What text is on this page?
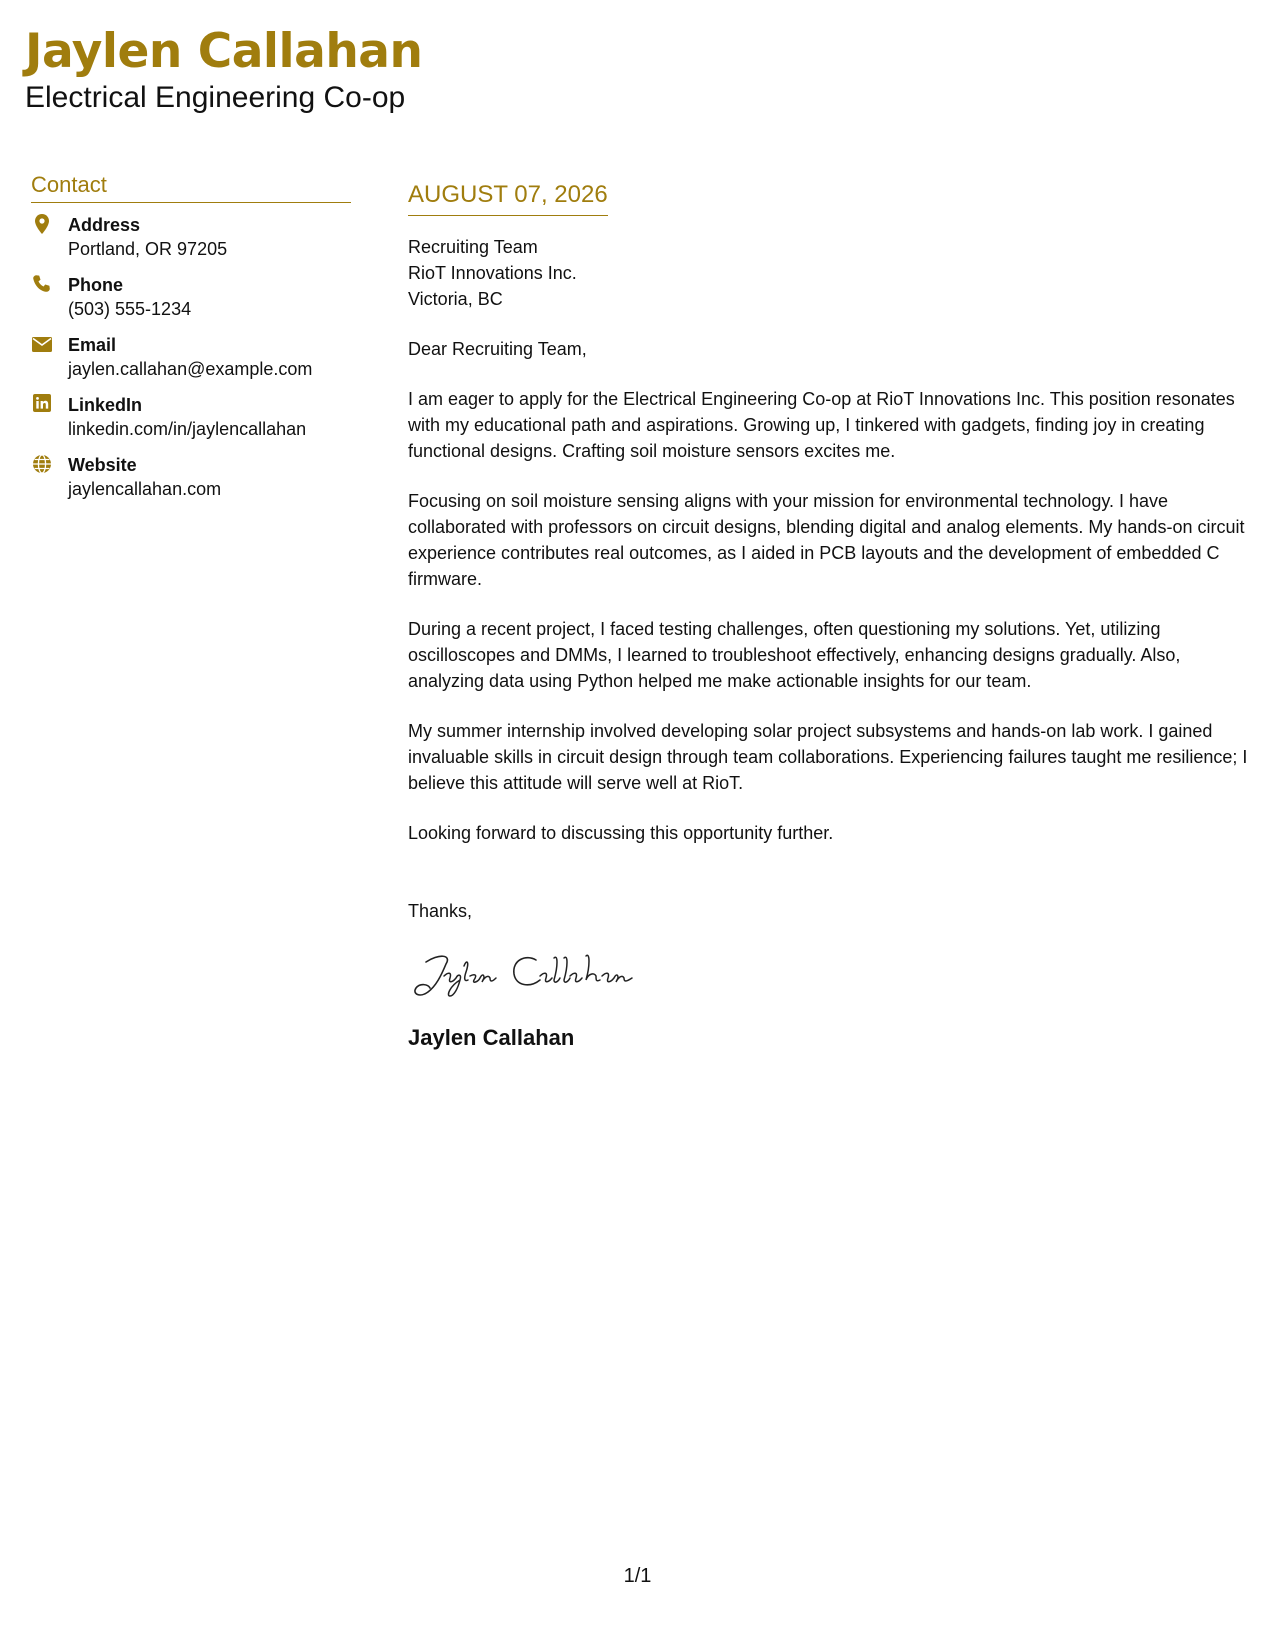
Jaylen Callahan
Electrical Engineering Co-op
Contact
Address
Portland, OR 97205
Phone
(503) 555-1234
Email
jaylen.callahan@example.com
LinkedIn
linkedin.com/in/jaylencallahan
Website
jaylencallahan.com
AUGUST 07, 2026
Recruiting Team
RioT Innovations Inc.
Victoria, BC
Dear Recruiting Team,
I am eager to apply for the Electrical Engineering Co-op at RioT Innovations Inc. This position resonates with my educational path and aspirations. Growing up, I tinkered with gadgets, finding joy in creating functional designs. Crafting soil moisture sensors excites me.
Focusing on soil moisture sensing aligns with your mission for environmental technology. I have collaborated with professors on circuit designs, blending digital and analog elements. My hands-on circuit experience contributes real outcomes, as I aided in PCB layouts and the development of embedded C firmware.
During a recent project, I faced testing challenges, often questioning my solutions. Yet, utilizing oscilloscopes and DMMs, I learned to troubleshoot effectively, enhancing designs gradually. Also, analyzing data using Python helped me make actionable insights for our team.
My summer internship involved developing solar project subsystems and hands-on lab work. I gained invaluable skills in circuit design through team collaborations. Experiencing failures taught me resilience; I believe this attitude will serve well at RioT.
Looking forward to discussing this opportunity further.
Thanks,
Jaylen Callahan
1/1
